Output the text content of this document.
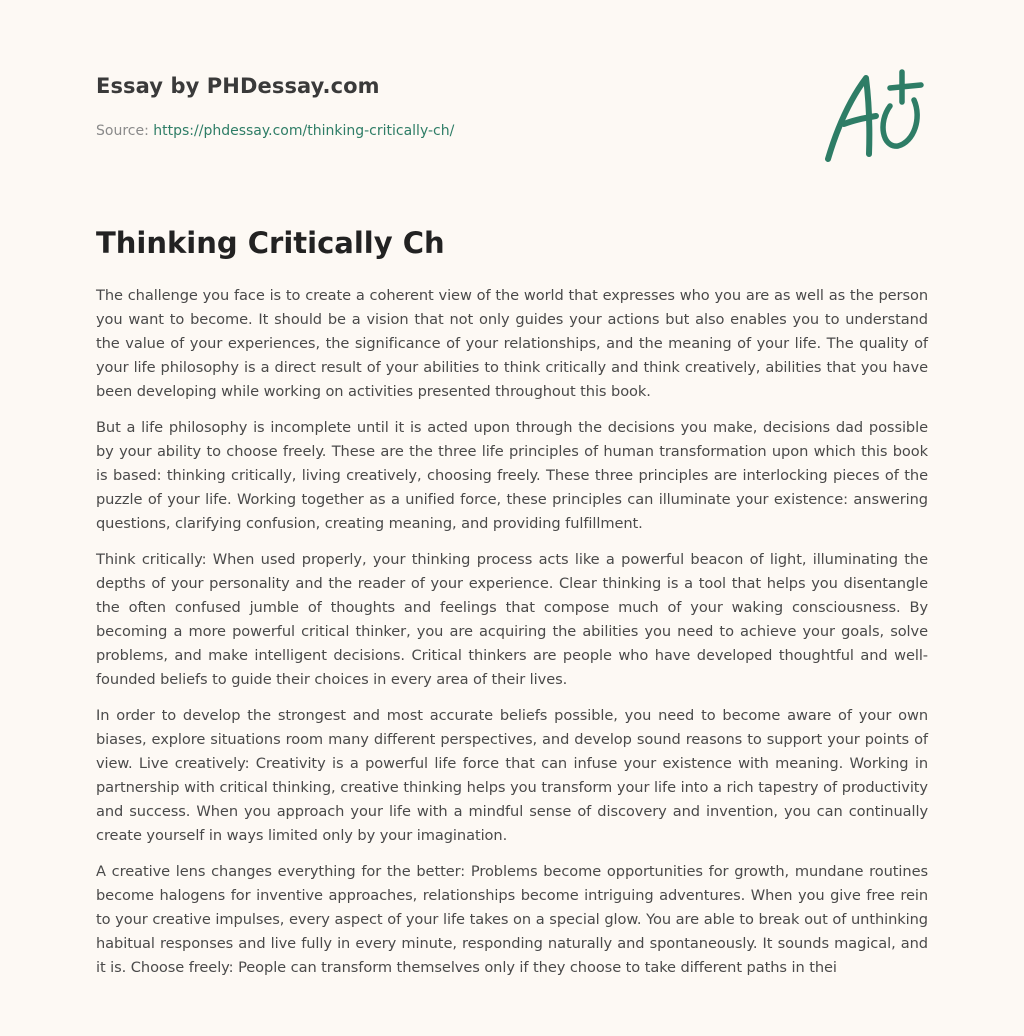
Essay by PHDessay.com
Source: https://phdessay.com/thinking-critically-ch/
Thinking Critically Ch

The challenge you face is to create a coherent view of the world that expresses who you are as well as the person you want to become. It should be a vision that not only guides your actions but also enables you to understand the value of your experiences, the significance of your relationships, and the meaning of your life. The quality of your life philosophy is a direct result of your abilities to think critically and think creatively, abilities that you have been developing while working on activities presented throughout this book.

But a life philosophy is incomplete until it is acted upon through the decisions you make, decisions dad possible by your ability to choose freely. These are the three life principles of human transformation upon which this book is based: thinking critically, living creatively, choosing freely. These three principles are interlocking pieces of the puzzle of your life. Working together as a unified force, these principles can illuminate your existence: answering questions, clarifying confusion, creating meaning, and providing fulfillment.

Think critically: When used properly, your thinking process acts like a powerful beacon of light, illuminating the depths of your personality and the reader of your experience. Clear thinking is a tool that helps you disentangle the often confused jumble of thoughts and feelings that compose much of your waking consciousness. By becoming a more powerful critical thinker, you are acquiring the abilities you need to achieve your goals, solve problems, and make intelligent decisions. Critical thinkers are people who have developed thoughtful and well-founded beliefs to guide their choices in every area of their lives.

In order to develop the strongest and most accurate beliefs possible, you need to become aware of your own biases, explore situations room many different perspectives, and develop sound reasons to support your points of view. Live creatively: Creativity is a powerful life force that can infuse your existence with meaning. Working in partnership with critical thinking, creative thinking helps you transform your life into a rich tapestry of productivity and success. When you approach your life with a mindful sense of discovery and invention, you can continually create yourself in ways limited only by your imagination.

A creative lens changes everything for the better: Problems become opportunities for growth, mundane routines become halogens for inventive approaches, relationships become intriguing adventures. When you give free rein to your creative impulses, every aspect of your life takes on a special glow. You are able to break out of unthinking habitual responses and live fully in every minute, responding naturally and spontaneously. It sounds magical, and it is. Choose freely: People can transform themselves only if they choose to take different paths in thei
